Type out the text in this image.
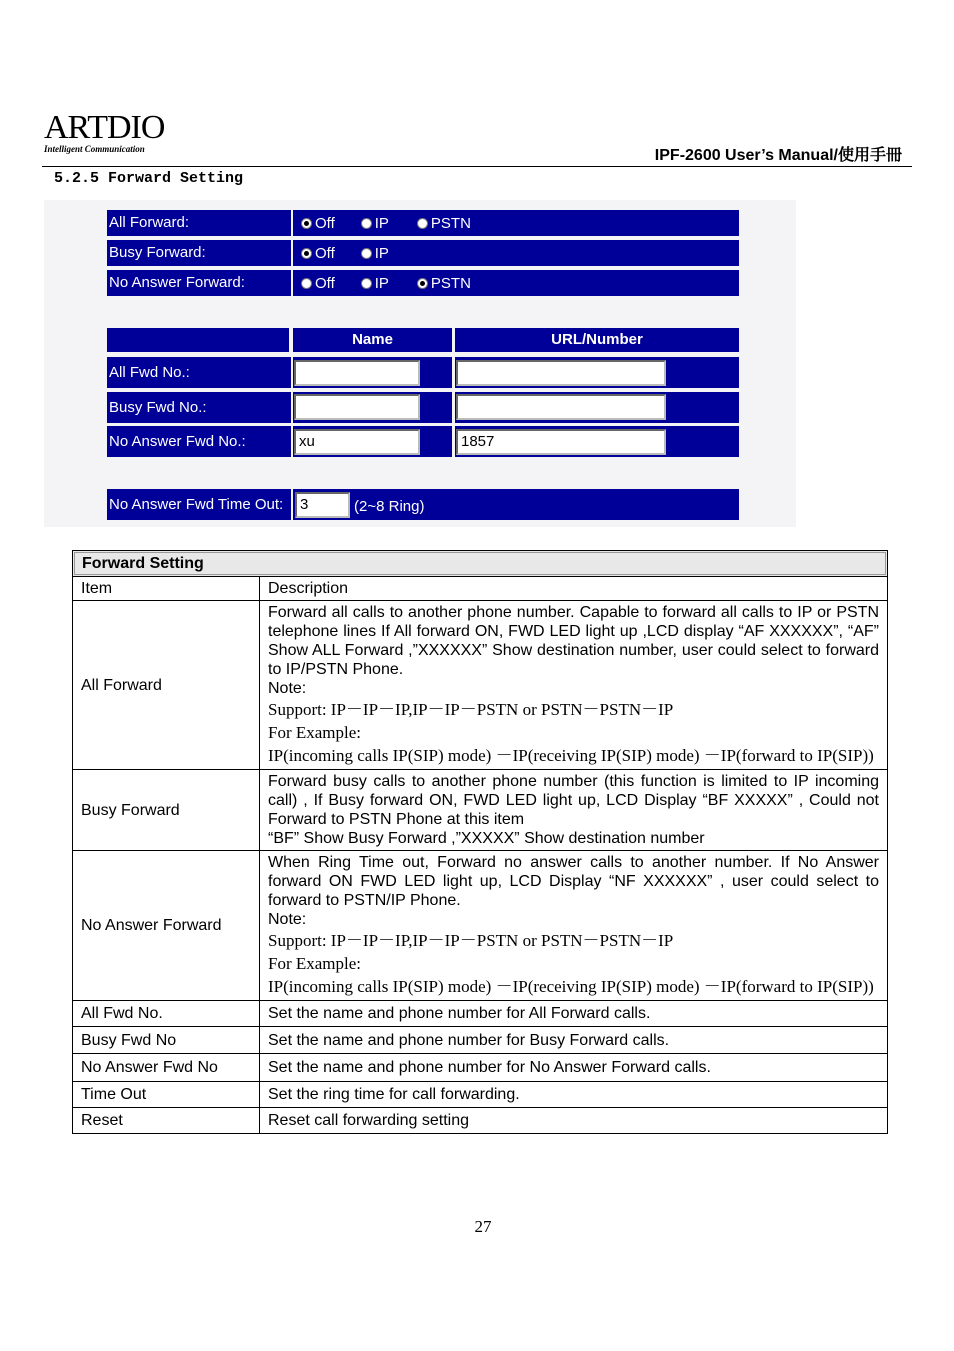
ARTDIO
Intelligent Communication	IPF-2600 User’s Manual/使用手冊
5.2.5 Forward Setting
All Forward:	Off	IP	PSTN
Busy Forward:	Off	IP
No Answer Forward:	Off	IP	PSTN
Name	URL/Number
All Fwd No.:
Busy Fwd No.:
No Answer Fwd No.:	xu	1857
No Answer Fwd Time Out:	3	(2~8 Ring)
Forward Setting	

Item	Description
All Forward	Forward all calls to another phone number. Capable to forward all calls to IP or PSTN telephone lines If All forward ON, FWD LED light up ,LCD display “AF XXXXXX”, “AF” Show ALL Forward ,”XXXXXX” Show destination number, user could select to forward to IP/PSTN Phone.
Note:
Support: IP－IP－IP,IP－IP－PSTN or PSTN－PSTN－IP
For Example:
IP(incoming calls IP(SIP) mode) －IP(receiving IP(SIP) mode) －IP(forward to IP(SIP))

Busy Forward	Forward busy calls to another phone number (this function is limited to IP incoming call) , If Busy forward ON, FWD LED light up, LCD Display “BF XXXXX” , Could not Forward to PSTN Phone at this item
“BF” Show Busy Forward ,”XXXXX” Show destination number

No Answer Forward	When Ring Time out, Forward no answer calls to another number. If No Answer forward ON FWD LED light up, LCD Display “NF XXXXXX” , user could select to forward to PSTN/IP Phone.
Note:
Support: IP－IP－IP,IP－IP－PSTN or PSTN－PSTN－IP
For Example:
IP(incoming calls IP(SIP) mode) －IP(receiving IP(SIP) mode) －IP(forward to IP(SIP))

All Fwd No.	Set the name and phone number for All Forward calls.
Busy Fwd No	Set the name and phone number for Busy Forward calls.
No Answer Fwd No	Set the name and phone number for No Answer Forward calls.
Time Out	Set the ring time for call forwarding.
Reset	Reset call forwarding setting
27
